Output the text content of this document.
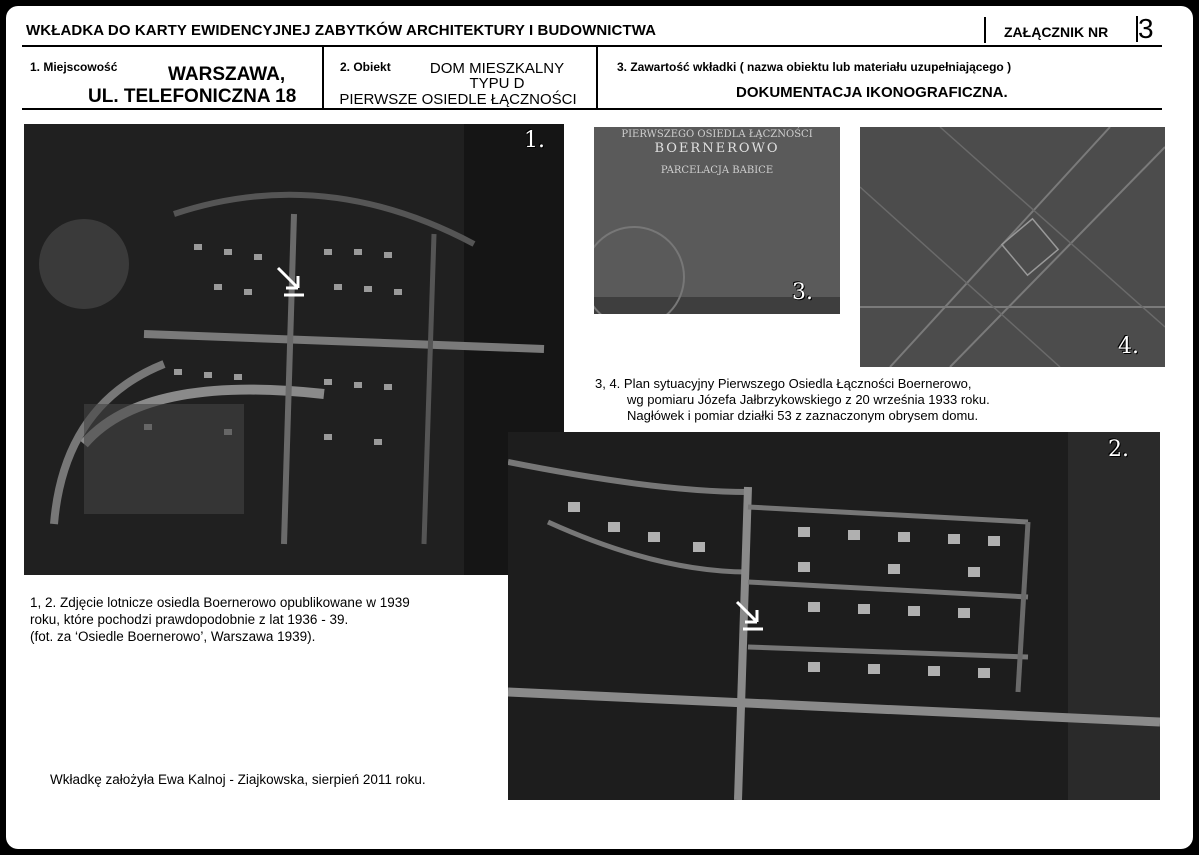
WKŁADKA DO KARTY EWIDENCYJNEJ ZABYTKÓW ARCHITEKTURY I BUDOWNICTWA	ZAŁĄCZNIK NR 3
1. Miejscowość	WARSZAWA,
UL. TELEFONICZNA 18
2. Obiekt	DOM MIESZKALNY
TYPU D
PIERWSZE OSIEDLE ŁĄCZNOŚCI
3. Zawartość wkładki ( nazwa obiektu lub materiału uzupełniającego )
DOKUMENTACJA IKONOGRAFICZNA.
1.	PIERWSZEGO OSIEDLA ŁĄCZNOŚCI
BOERNEROWO
PARCELACJA BABICE
3.
4.
3, 4. Plan sytuacyjny Pierwszego Osiedla Łączności Boernerowo,
wg pomiaru Józefa Jałbrzykowskiego z 20 września 1933 roku.
Nagłówek i pomiar działki 53 z zaznaczonym obrysem domu.
2.
1, 2. Zdjęcie lotnicze osiedla Boernerowo opublikowane w 1939
roku, które pochodzi prawdopodobnie z lat 1936 - 39.
(fot. za ‘Osiedle Boernerowo’, Warszawa 1939).
Wkładkę założyła Ewa Kalnoj - Ziajkowska, sierpień 2011 roku.
